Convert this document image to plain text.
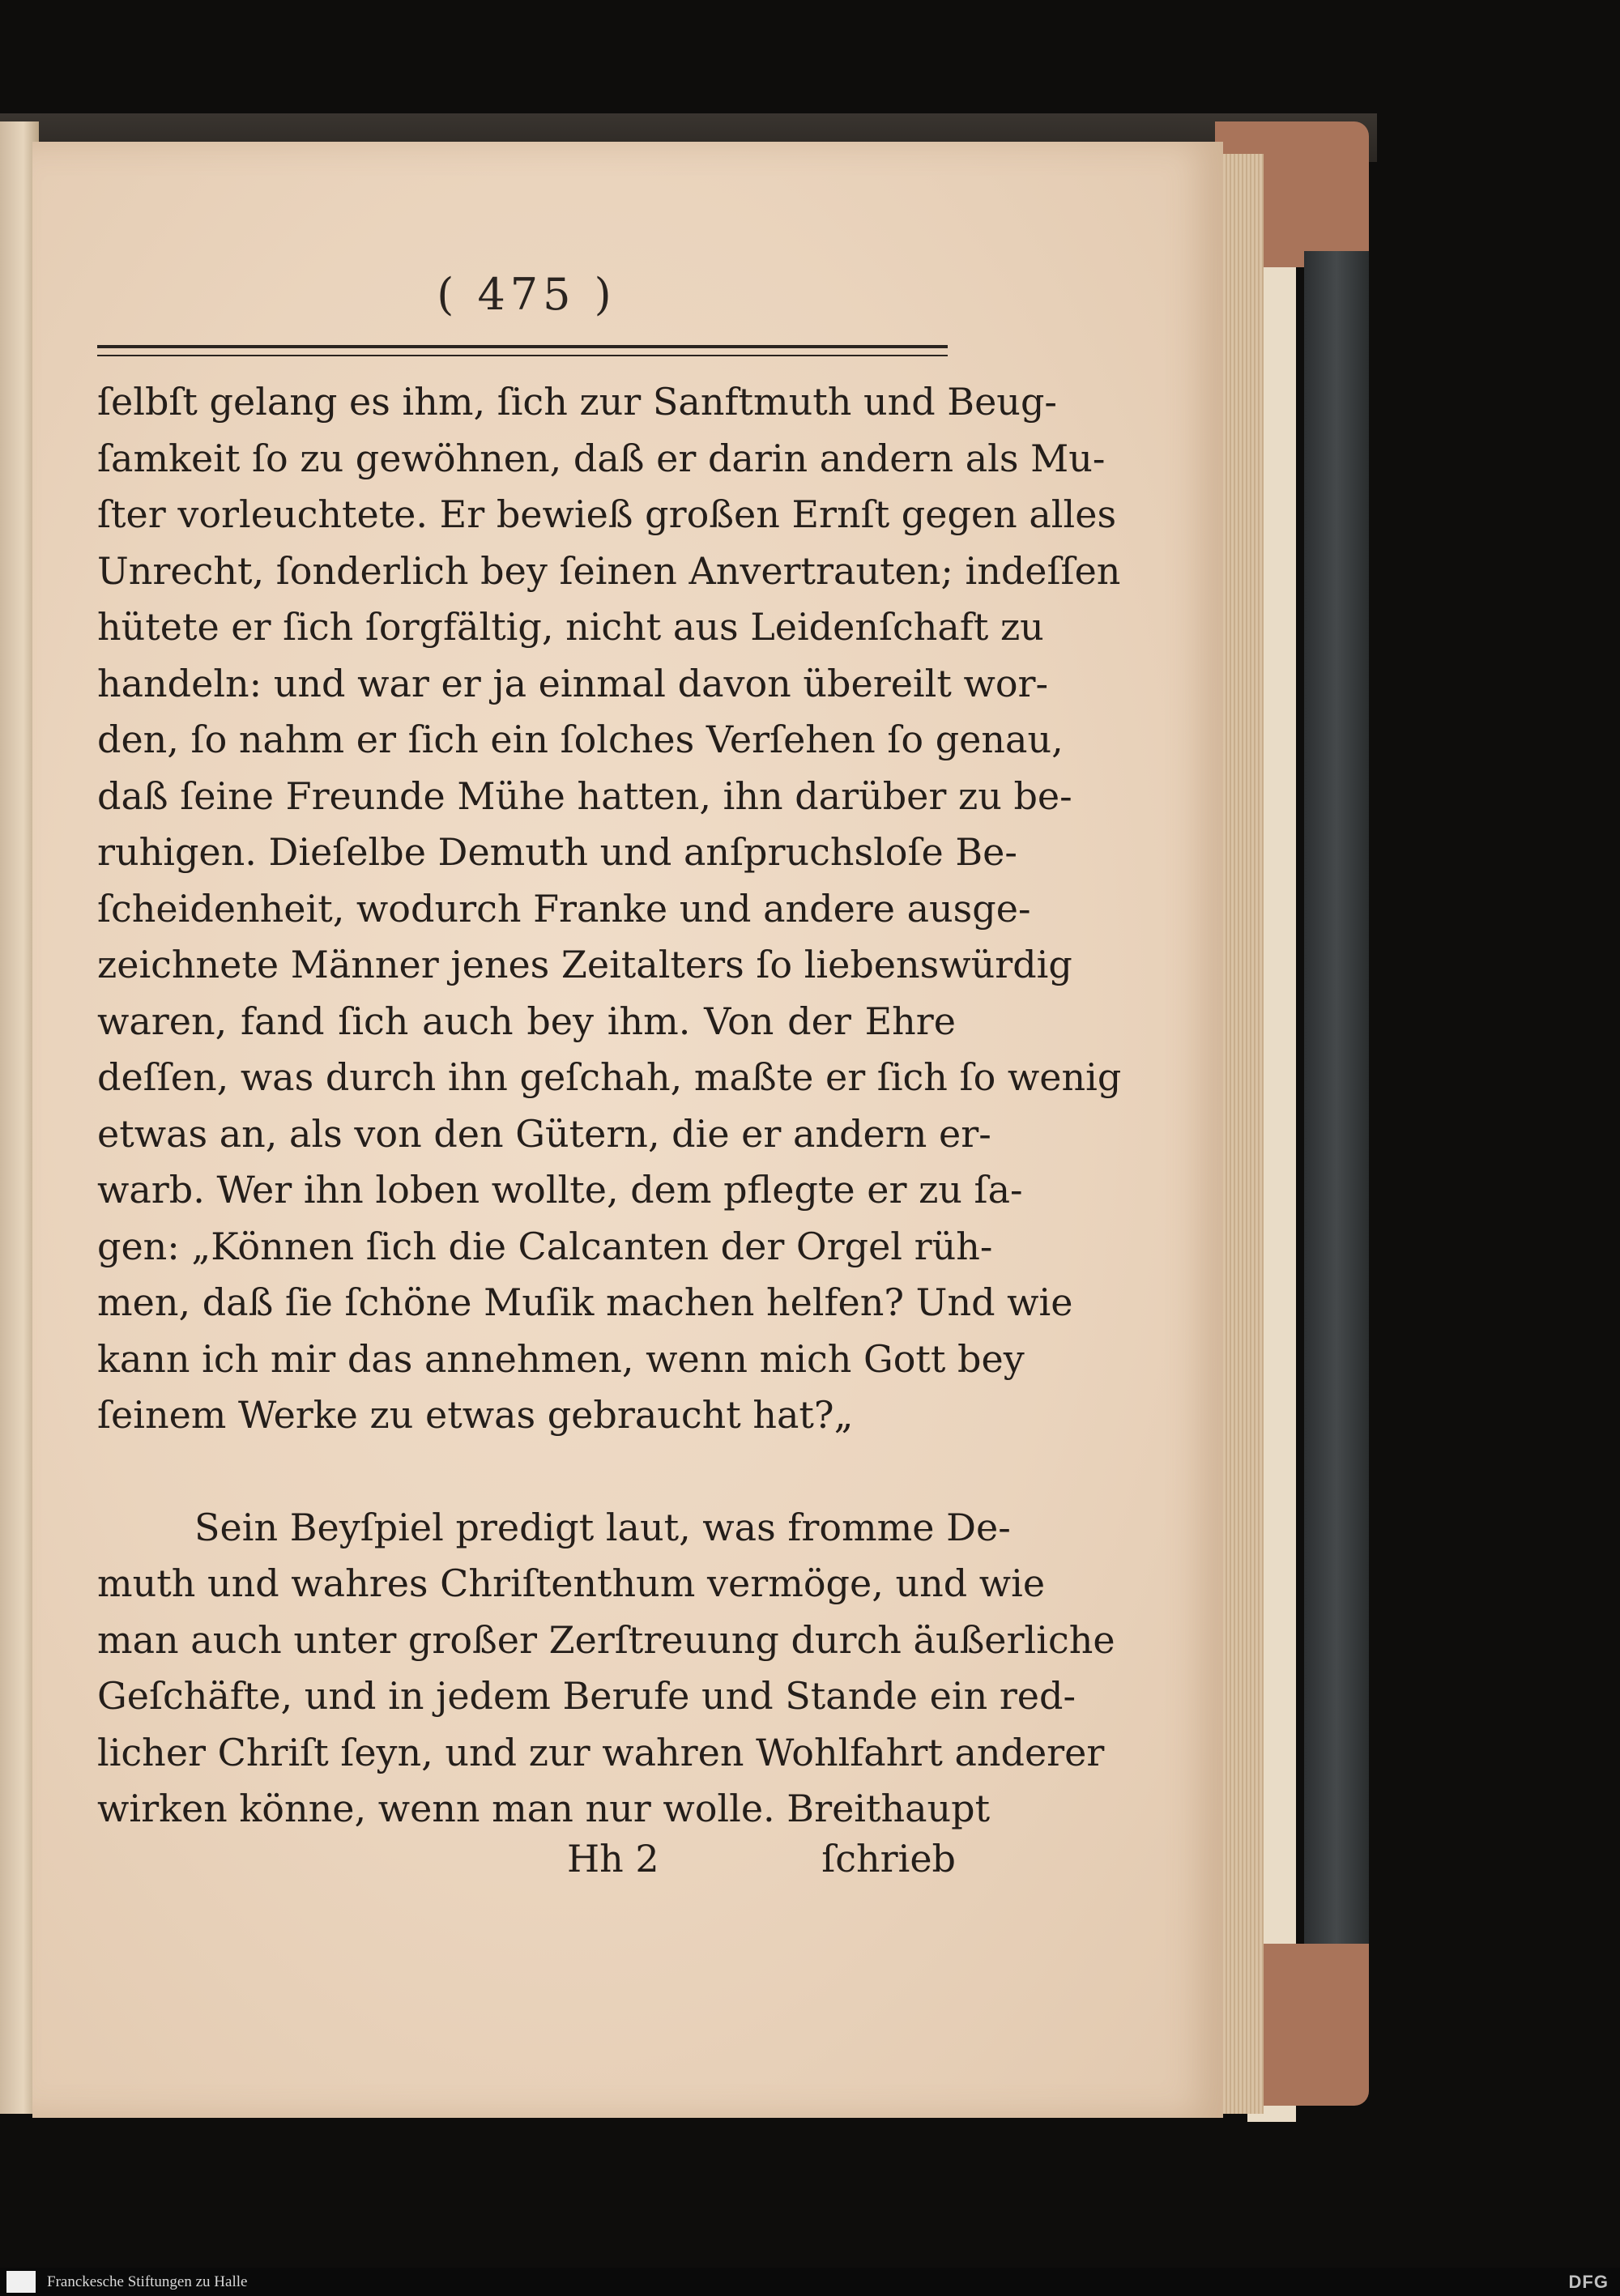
( 475 )
ſelbſt gelang es ihm, ſich zur Sanftmuth und Beug-
ſamkeit ſo zu gewöhnen, daß er darin andern als Mu-
ſter vorleuchtete. Er bewieß großen Ernſt gegen alles
Unrecht, ſonderlich bey ſeinen Anvertrauten; indeſſen
hütete er ſich ſorgfältig, nicht aus Leidenſchaft zu
handeln: und war er ja einmal davon übereilt wor-
den, ſo nahm er ſich ein ſolches Verſehen ſo genau,
daß ſeine Freunde Mühe hatten, ihn darüber zu be-
ruhigen. Dieſelbe Demuth und anſpruchsloſe Be-
ſcheidenheit, wodurch Franke und andere ausge-
zeichnete Männer jenes Zeitalters ſo liebenswürdig
waren, fand ſich auch bey ihm. Von der Ehre
deſſen, was durch ihn geſchah, maßte er ſich ſo wenig
etwas an, als von den Gütern, die er andern er-
warb. Wer ihn loben wollte, dem pflegte er zu ſa-
gen: „Können ſich die Calcanten der Orgel rüh-
men, daß ſie ſchöne Muſik machen helfen? Und wie
kann ich mir das annehmen, wenn mich Gott bey
ſeinem Werke zu etwas gebraucht hat?„
Sein Beyſpiel predigt laut, was fromme De-
muth und wahres Chriſtenthum vermöge, und wie
man auch unter großer Zerſtreuung durch äußerliche
Geſchäfte, und in jedem Berufe und Stande ein red-
licher Chriſt ſeyn, und zur wahren Wohlfahrt anderer
wirken könne, wenn man nur wolle. Breithaupt
Hh 2	ſchrieb
Franckesche Stiftungen zu Halle	DFG
